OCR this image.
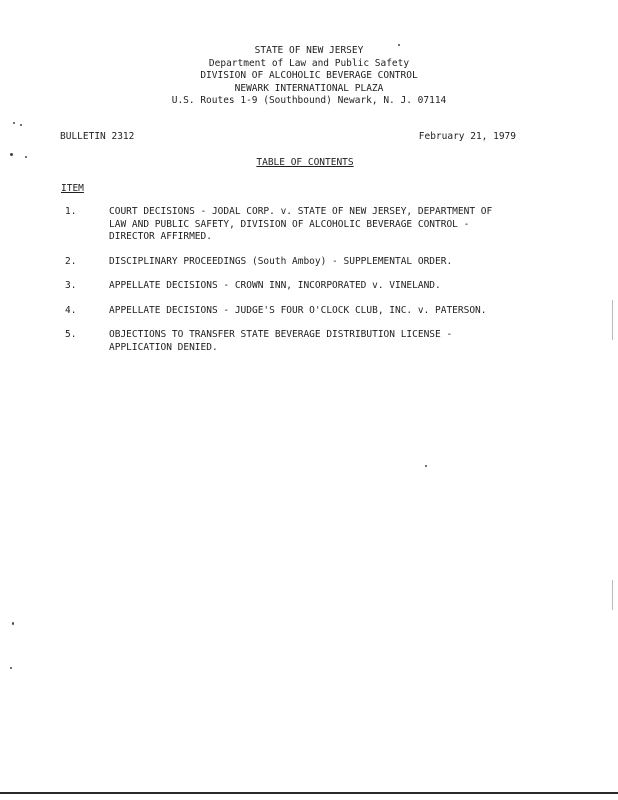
STATE OF NEW JERSEY
Department of Law and Public Safety
DIVISION OF ALCOHOLIC BEVERAGE CONTROL
NEWARK INTERNATIONAL PLAZA
U.S. Routes 1-9 (Southbound) Newark, N. J. 07114
BULLETIN 2312	February 21, 1979
TABLE OF CONTENTS
ITEM
1.	COURT DECISIONS - JODAL CORP. v. STATE OF NEW JERSEY, DEPARTMENT OF
LAW AND PUBLIC SAFETY, DIVISION OF ALCOHOLIC BEVERAGE CONTROL -
DIRECTOR AFFIRMED.
2.	DISCIPLINARY PROCEEDINGS (South Amboy) - SUPPLEMENTAL ORDER.
3.	APPELLATE DECISIONS - CROWN INN, INCORPORATED v. VINELAND.
4.	APPELLATE DECISIONS - JUDGE'S FOUR O'CLOCK CLUB, INC. v. PATERSON.
5.	OBJECTIONS TO TRANSFER STATE BEVERAGE DISTRIBUTION LICENSE -
APPLICATION DENIED.
